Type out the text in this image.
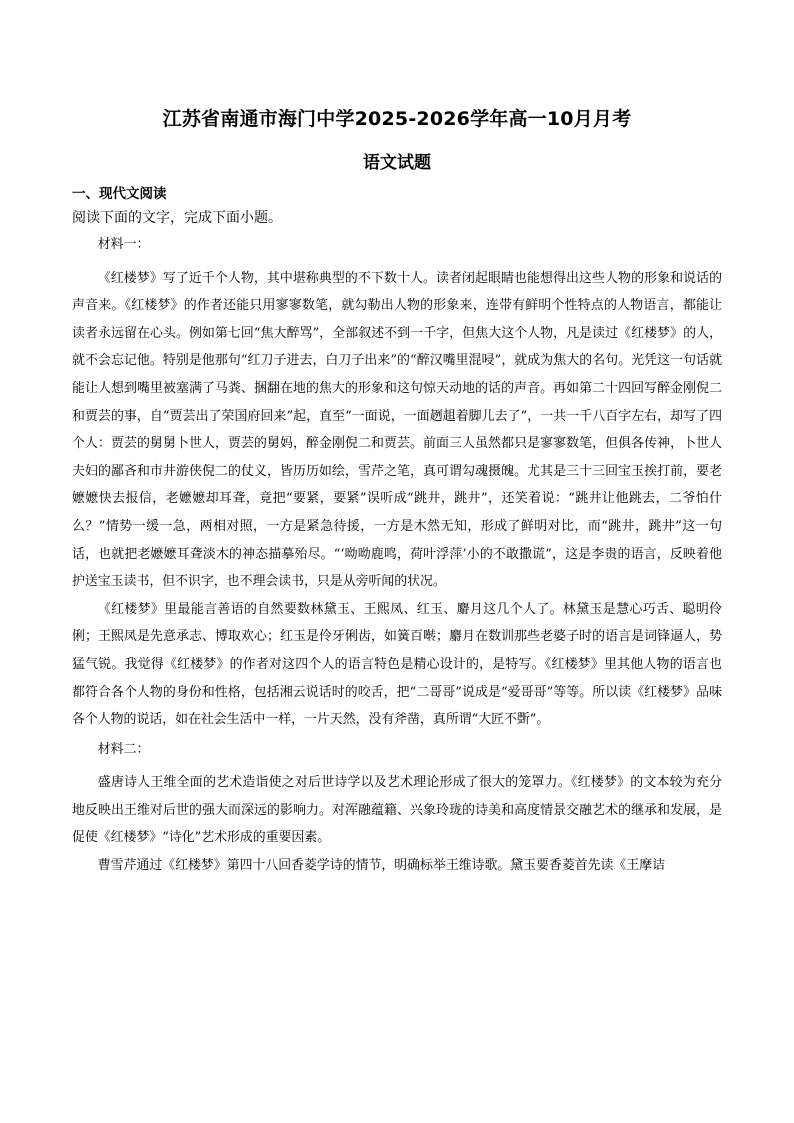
江苏省南通市海门中学2025-2026学年高一10月月考
语文试题

一、现代文阅读

阅读下面的文字，完成下面小题。

材料一：

《红楼梦》写了近千个人物，其中堪称典型的不下数十人。读者闭起眼睛也能想得出这些人物的形象和说话的声音来。《红楼梦》的作者还能只用寥寥数笔，就勾勒出人物的形象来，连带有鲜明个性特点的人物语言，都能让读者永远留在心头。例如第七回“焦大醉骂”，全部叙述不到一千字，但焦大这个人物，凡是读过《红楼梦》的人，就不会忘记他。特别是他那句“红刀子进去，白刀子出来”的“醉汉嘴里混唚”，就成为焦大的名句。光凭这一句话就能让人想到嘴里被塞满了马粪、捆翻在地的焦大的形象和这句惊天动地的话的声音。再如第二十四回写醉金刚倪二和贾芸的事，自“贾芸出了荣国府回来”起，直至“一面说，一面趔趄着脚儿去了”，一共一千八百字左右，却写了四个人：贾芸的舅舅卜世人，贾芸的舅妈，醉金刚倪二和贾芸。前面三人虽然都只是寥寥数笔，但俱各传神，卜世人夫妇的鄙吝和市井游侠倪二的仗义，皆历历如绘，雪芹之笔，真可谓勾魂摄魄。尤其是三十三回宝玉挨打前，要老嬷嬷快去报信，老嬷嬷却耳聋，竟把“要紧，要紧”误听成“跳井，跳井”，还笑着说：“跳井让他跳去，二爷怕什么？”情势一缓一急，两相对照，一方是紧急待援，一方是木然无知，形成了鲜明对比，而“跳井，跳井”这一句话，也就把老嬷嬷耳聋淡木的神态描摹殆尽。“‘呦呦鹿鸣，荷叶浮萍’小的不敢撒谎”，这是李贵的语言，反映着他护送宝玉读书，但不识字，也不理会读书，只是从旁听闻的状况。

《红楼梦》里最能言善语的自然要数林黛玉、王熙凤、红玉、麝月这几个人了。林黛玉是慧心巧舌、聪明伶俐；王熙凤是先意承志、博取欢心；红玉是伶牙俐齿，如簧百啭；麝月在数训那些老婆子时的语言是词锋逼人，势猛气锐。我觉得《红楼梦》的作者对这四个人的语言特色是精心设计的，是特写。《红楼梦》里其他人物的语言也都符合各个人物的身份和性格，包括湘云说话时的咬舌，把“二哥哥”说成是“爱哥哥”等等。所以读《红楼梦》品味各个人物的说话，如在社会生活中一样，一片天然，没有斧凿，真所谓“大匠不斲”。

材料二：

盛唐诗人王维全面的艺术造诣使之对后世诗学以及艺术理论形成了很大的笼罩力。《红楼梦》的文本较为充分地反映出王维对后世的强大而深远的影响力。对浑融蕴籍、兴象玲珑的诗美和高度情景交融艺术的继承和发展，是促使《红楼梦》“诗化”艺术形成的重要因素。

曹雪芹通过《红楼梦》第四十八回香菱学诗的情节，明确标举王维诗歌。黛玉要香菱首先读《王摩诘
